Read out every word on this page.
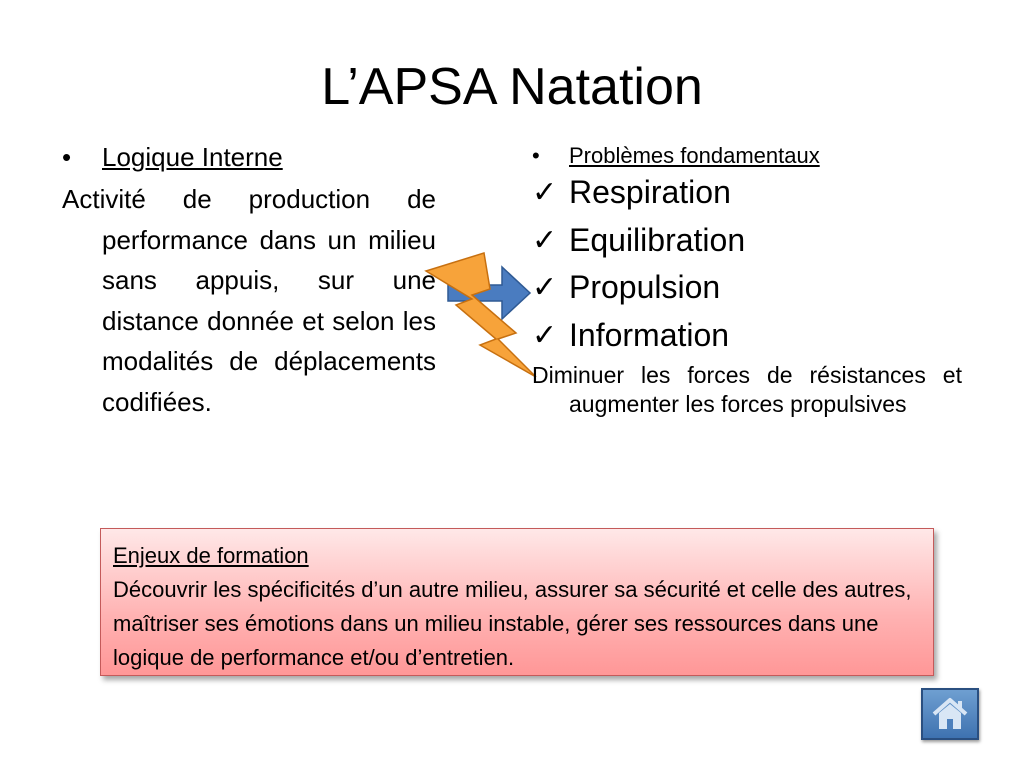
L’APSA Natation
•	Logique Interne
Activité de production de performance dans un milieu sans appuis, sur une distance donnée et selon les modalités de déplacements codifiées.
•	Problèmes fondamentaux
✓ Respiration
✓ Equilibration
✓ Propulsion
✓ Information
Diminuer les forces de résistances et augmenter les forces propulsives
Enjeux de formation
Découvrir les spécificités d’un autre milieu, assurer sa sécurité et celle des autres, maîtriser ses émotions dans un milieu instable, gérer ses ressources dans une logique de performance et/ou d’entretien.
